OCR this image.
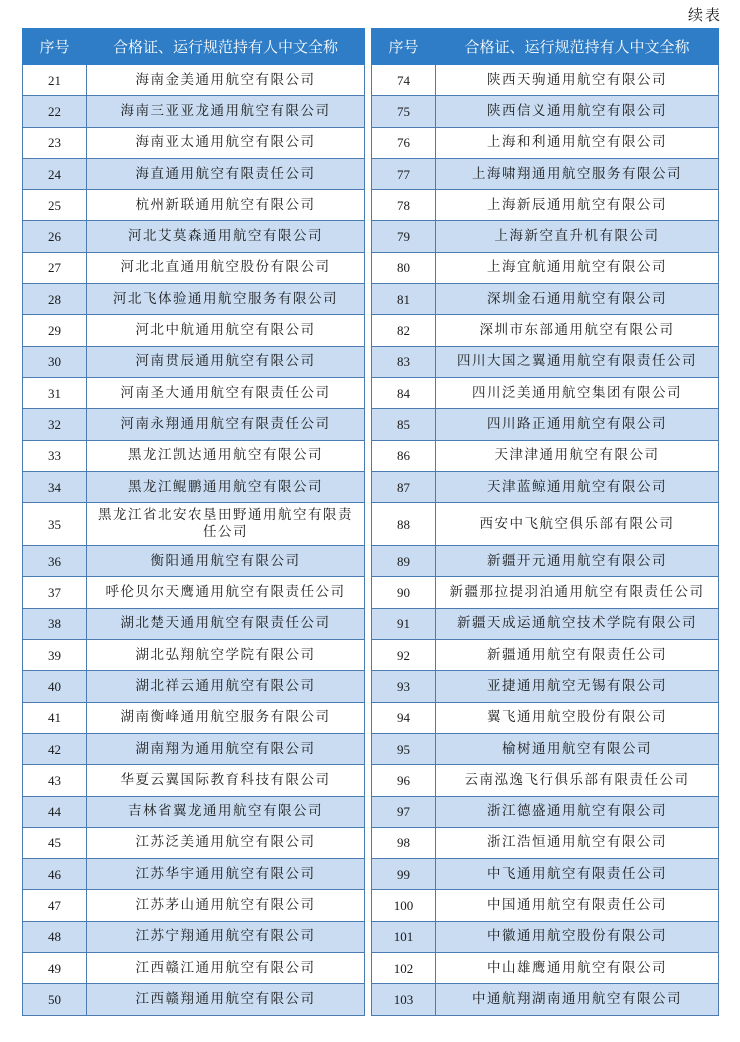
续表
序号	合格证、运行规范持有人中文全称
21	海南金美通用航空有限公司
22	海南三亚亚龙通用航空有限公司
23	海南亚太通用航空有限公司
24	海直通用航空有限责任公司
25	杭州新联通用航空有限公司
26	河北艾莫森通用航空有限公司
27	河北北直通用航空股份有限公司
28	河北飞体验通用航空服务有限公司
29	河北中航通用航空有限公司
30	河南贯辰通用航空有限公司
31	河南圣大通用航空有限责任公司
32	河南永翔通用航空有限责任公司
33	黑龙江凯达通用航空有限公司
34	黑龙江鲲鹏通用航空有限公司
35	黑龙江省北安农垦田野通用航空有限责任公司
36	衡阳通用航空有限公司
37	呼伦贝尔天鹰通用航空有限责任公司
38	湖北楚天通用航空有限责任公司
39	湖北弘翔航空学院有限公司
40	湖北祥云通用航空有限公司
41	湖南衡峰通用航空服务有限公司
42	湖南翔为通用航空有限公司
43	华夏云翼国际教育科技有限公司
44	吉林省翼龙通用航空有限公司
45	江苏泛美通用航空有限公司
46	江苏华宇通用航空有限公司
47	江苏茅山通用航空有限公司
48	江苏宁翔通用航空有限公司
49	江西赣江通用航空有限公司
50	江西赣翔通用航空有限公司
序号	合格证、运行规范持有人中文全称
74	陕西天驹通用航空有限公司
75	陕西信义通用航空有限公司
76	上海和利通用航空有限公司
77	上海啸翔通用航空服务有限公司
78	上海新辰通用航空有限公司
79	上海新空直升机有限公司
80	上海宜航通用航空有限公司
81	深圳金石通用航空有限公司
82	深圳市东部通用航空有限公司
83	四川大国之翼通用航空有限责任公司
84	四川泛美通用航空集团有限公司
85	四川路正通用航空有限公司
86	天津津通用航空有限公司
87	天津蓝鲸通用航空有限公司
88	西安中飞航空俱乐部有限公司
89	新疆开元通用航空有限公司
90	新疆那拉提羽泊通用航空有限责任公司
91	新疆天成运通航空技术学院有限公司
92	新疆通用航空有限责任公司
93	亚捷通用航空无锡有限公司
94	翼飞通用航空股份有限公司
95	榆树通用航空有限公司
96	云南泓逸飞行俱乐部有限责任公司
97	浙江德盛通用航空有限公司
98	浙江浩恒通用航空有限公司
99	中飞通用航空有限责任公司
100	中国通用航空有限责任公司
101	中徽通用航空股份有限公司
102	中山雄鹰通用航空有限公司
103	中通航翔湖南通用航空有限公司
